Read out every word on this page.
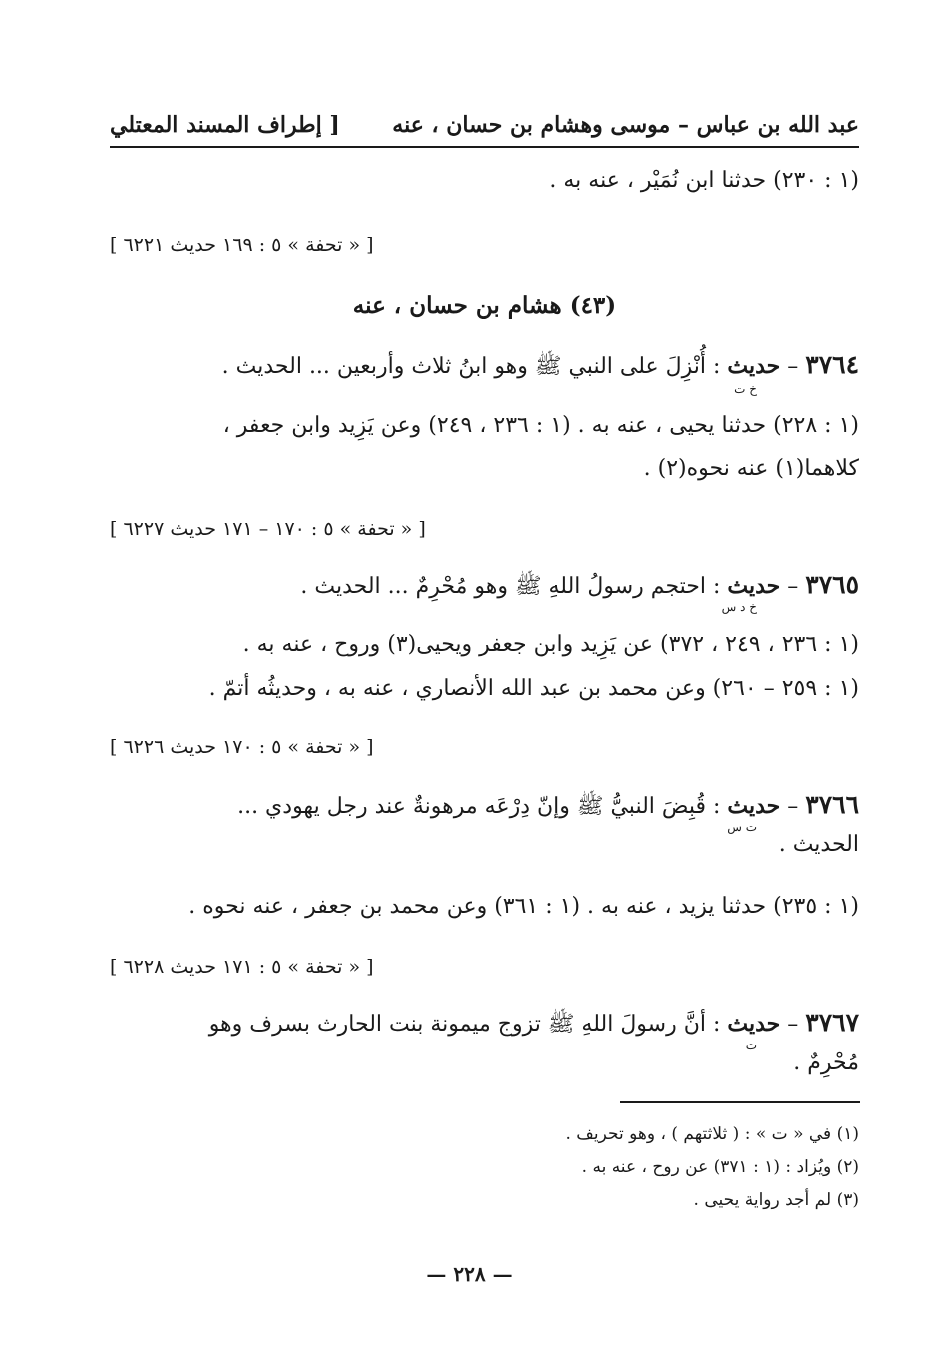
عبد الله بن عباس – موسى وهشام بن حسان ، عنه
[ إطراف المسند المعتلي
(١ : ٢٣٠) حدثنا ابن نُمَيْر ، عنه به .
[ « تحفة » ٥ : ١٦٩ حديث ٦٢٢١ ]
(٤٣) هشام بن حسان ، عنه
٣٧٦٤ – حديث : أُنْزِلَ على النبي ﷺ وهو ابنُ ثلاث وأربعين ... الحديث .
خ ت
(١ : ٢٢٨) حدثنا يحيى ، عنه به . (١ : ٢٣٦ ، ٢٤٩) وعن يَزِيد وابن جعفر ،
كلاهما(١) عنه نحوه(٢) .
[ « تحفة » ٥ : ١٧٠ – ١٧١ حديث ٦٢٢٧ ]
٣٧٦٥ – حديث : احتجم رسولُ اللهِ ﷺ وهو مُحْرِمٌ ... الحديث .
خ د س
(١ : ٢٣٦ ، ٢٤٩ ، ٣٧٢) عن يَزِيد وابن جعفر ويحيى(٣) وروح ، عنه به .
(١ : ٢٥٩ – ٢٦٠) وعن محمد بن عبد الله الأنصاري ، عنه به ، وحديثُه أتمّ .
[ « تحفة » ٥ : ١٧٠ حديث ٦٢٢٦ ]
٣٧٦٦ – حديث : قُبِضَ النبيُّ ﷺ وإنّ دِرْعَه مرهونةٌ عند رجل يهودي ...
ت س
الحديث .
(١ : ٢٣٥) حدثنا يزيد ، عنه به . (١ : ٣٦١) وعن محمد بن جعفر ، عنه نحوه .
[ « تحفة » ٥ : ١٧١ حديث ٦٢٢٨ ]
٣٧٦٧ – حديث : أنَّ رسولَ اللهِ ﷺ تزوج ميمونة بنت الحارث بسرف وهو
ت
مُحْرِمٌ .
(١) في « ت » : ( ثلاثتهم ) ، وهو تحريف .
(٢) ويُزاد : (١ : ٣٧١) عن روح ، عنه به .
(٣) لم أجد رواية يحيى .
— ٢٢٨ —
